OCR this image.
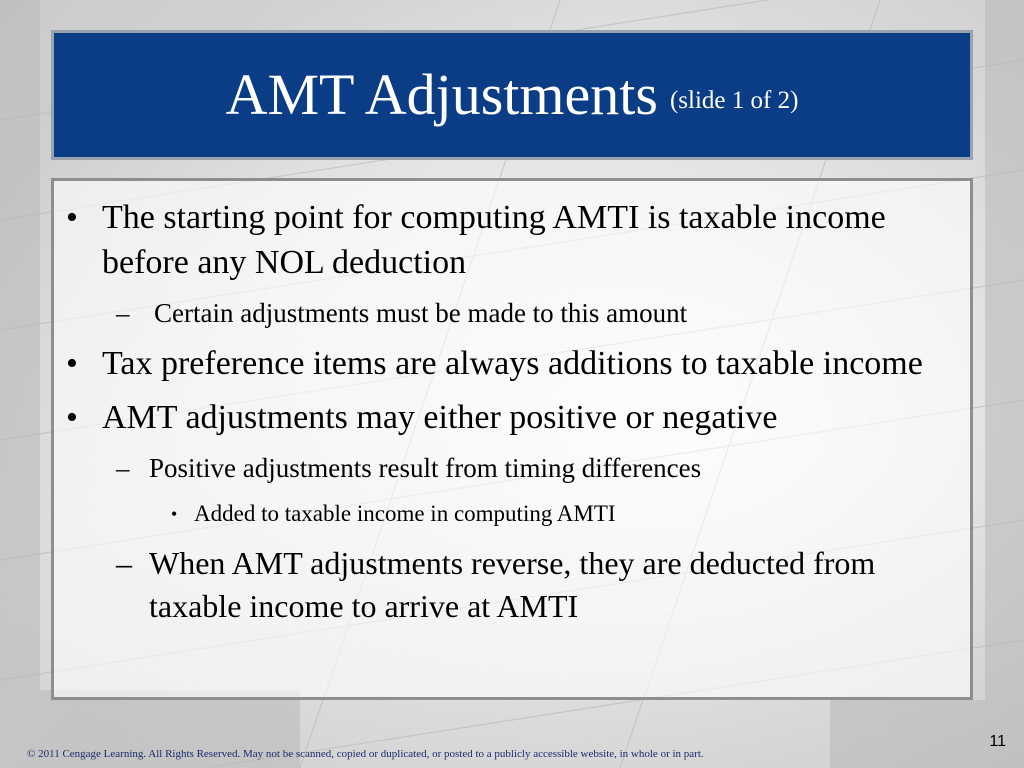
AMT Adjustments (slide 1 of 2)
• The starting point for computing AMTI is taxable income before any NOL deduction
– Certain adjustments must be made to this amount
• Tax preference items are always additions to taxable income
• AMT adjustments may either positive or negative
– Positive adjustments result from timing differences
• Added to taxable income in computing AMTI
– When AMT adjustments reverse, they are deducted from taxable income to arrive at AMTI
© 2011 Cengage Learning. All Rights Reserved. May not be scanned, copied or duplicated, or posted to a publicly accessible website, in whole or in part.
11
